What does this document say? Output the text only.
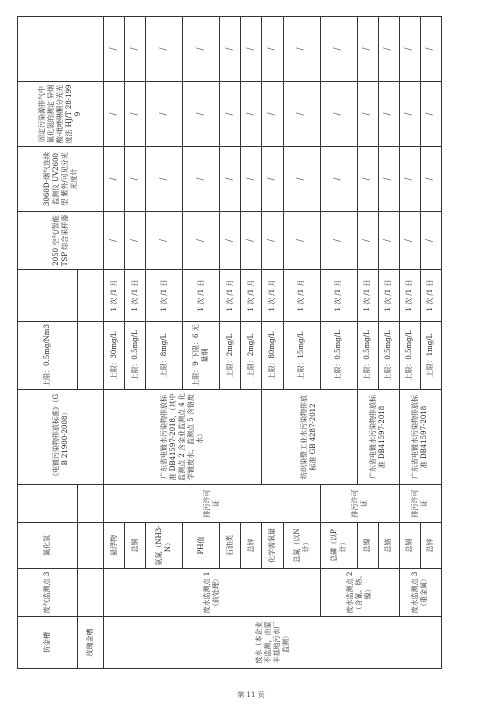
仿金槽	废气监测点 3	氰化氢		《电镀污染物排放标准》（GB 21900-2008）	上限：0.5mg/Nm3		2050 空气/智能 TSP 综合采样器	3060D-烟气连续监测仪 UV2600 型 紫外/可见分光光度计	固定污染源排气中氰化氢的测定 异烟酸-吡唑啉酮分光光度法 HJ/T 28-1999	
玫瑰金槽										
废水（本企业不监测，由蒙丰基地污水厂监测）	废水监测点 1（前处理）	悬浮物	排污许可证	广东省电镀水污染物排放标准 DB41597-2018，（其中监测点 2 含金业监测点 4 化学镀废水、监测点 5 含铬废水）	上限：30mg/L	1 次 /1 月	/	/	/	/
		总铜			上限：0.5mg/L	1 次 /1 日	/	/	/	/
		氨氮（NH3-N）			上限：8mg/L	1 次 /1 日	/	/	/	/
		PH值			上限：9 下限：6 无量纲	1 次 /1 日	/	/	/	/
		石油类			上限：2mg/L	1 次 /1 月	/	/	/	/
		总锌			上限：2mg/L	1 次 /1 月	/	/	/	/
		化学需氧量		纺织染整工业水污染物排放标准 GB 4287-2012	上限：80mg/L	1 次 /1 月	/	/	/	/
		总氮（以N计）			上限：15mg/L	1 次 /1 月	/	/	/	/
	废水监测点 2（含氰、络、镍）	总磷（以P计）	排污许可证		上限：0.5mg/L	1 次 /1 月	/	/	/	/
		总镍		广东省电镀水污染物排放标准 DB41597-2018	上限：0.5mg/L	1 次 /1 日	/	/	/	/
		总铬			上限：0.5mg/L	1 次 /1 日	/	/	/	/
	废水监测点 3（重金属）	总镉	排污许可证	广东省电镀水污染物排放标准 DB41597-2018	上限：0.5mg/L	1 次 /1 日	/	/	/	/
		总锌			上限：1mg/L	1 次 /1 日	/	/	/	/
第 11 页
